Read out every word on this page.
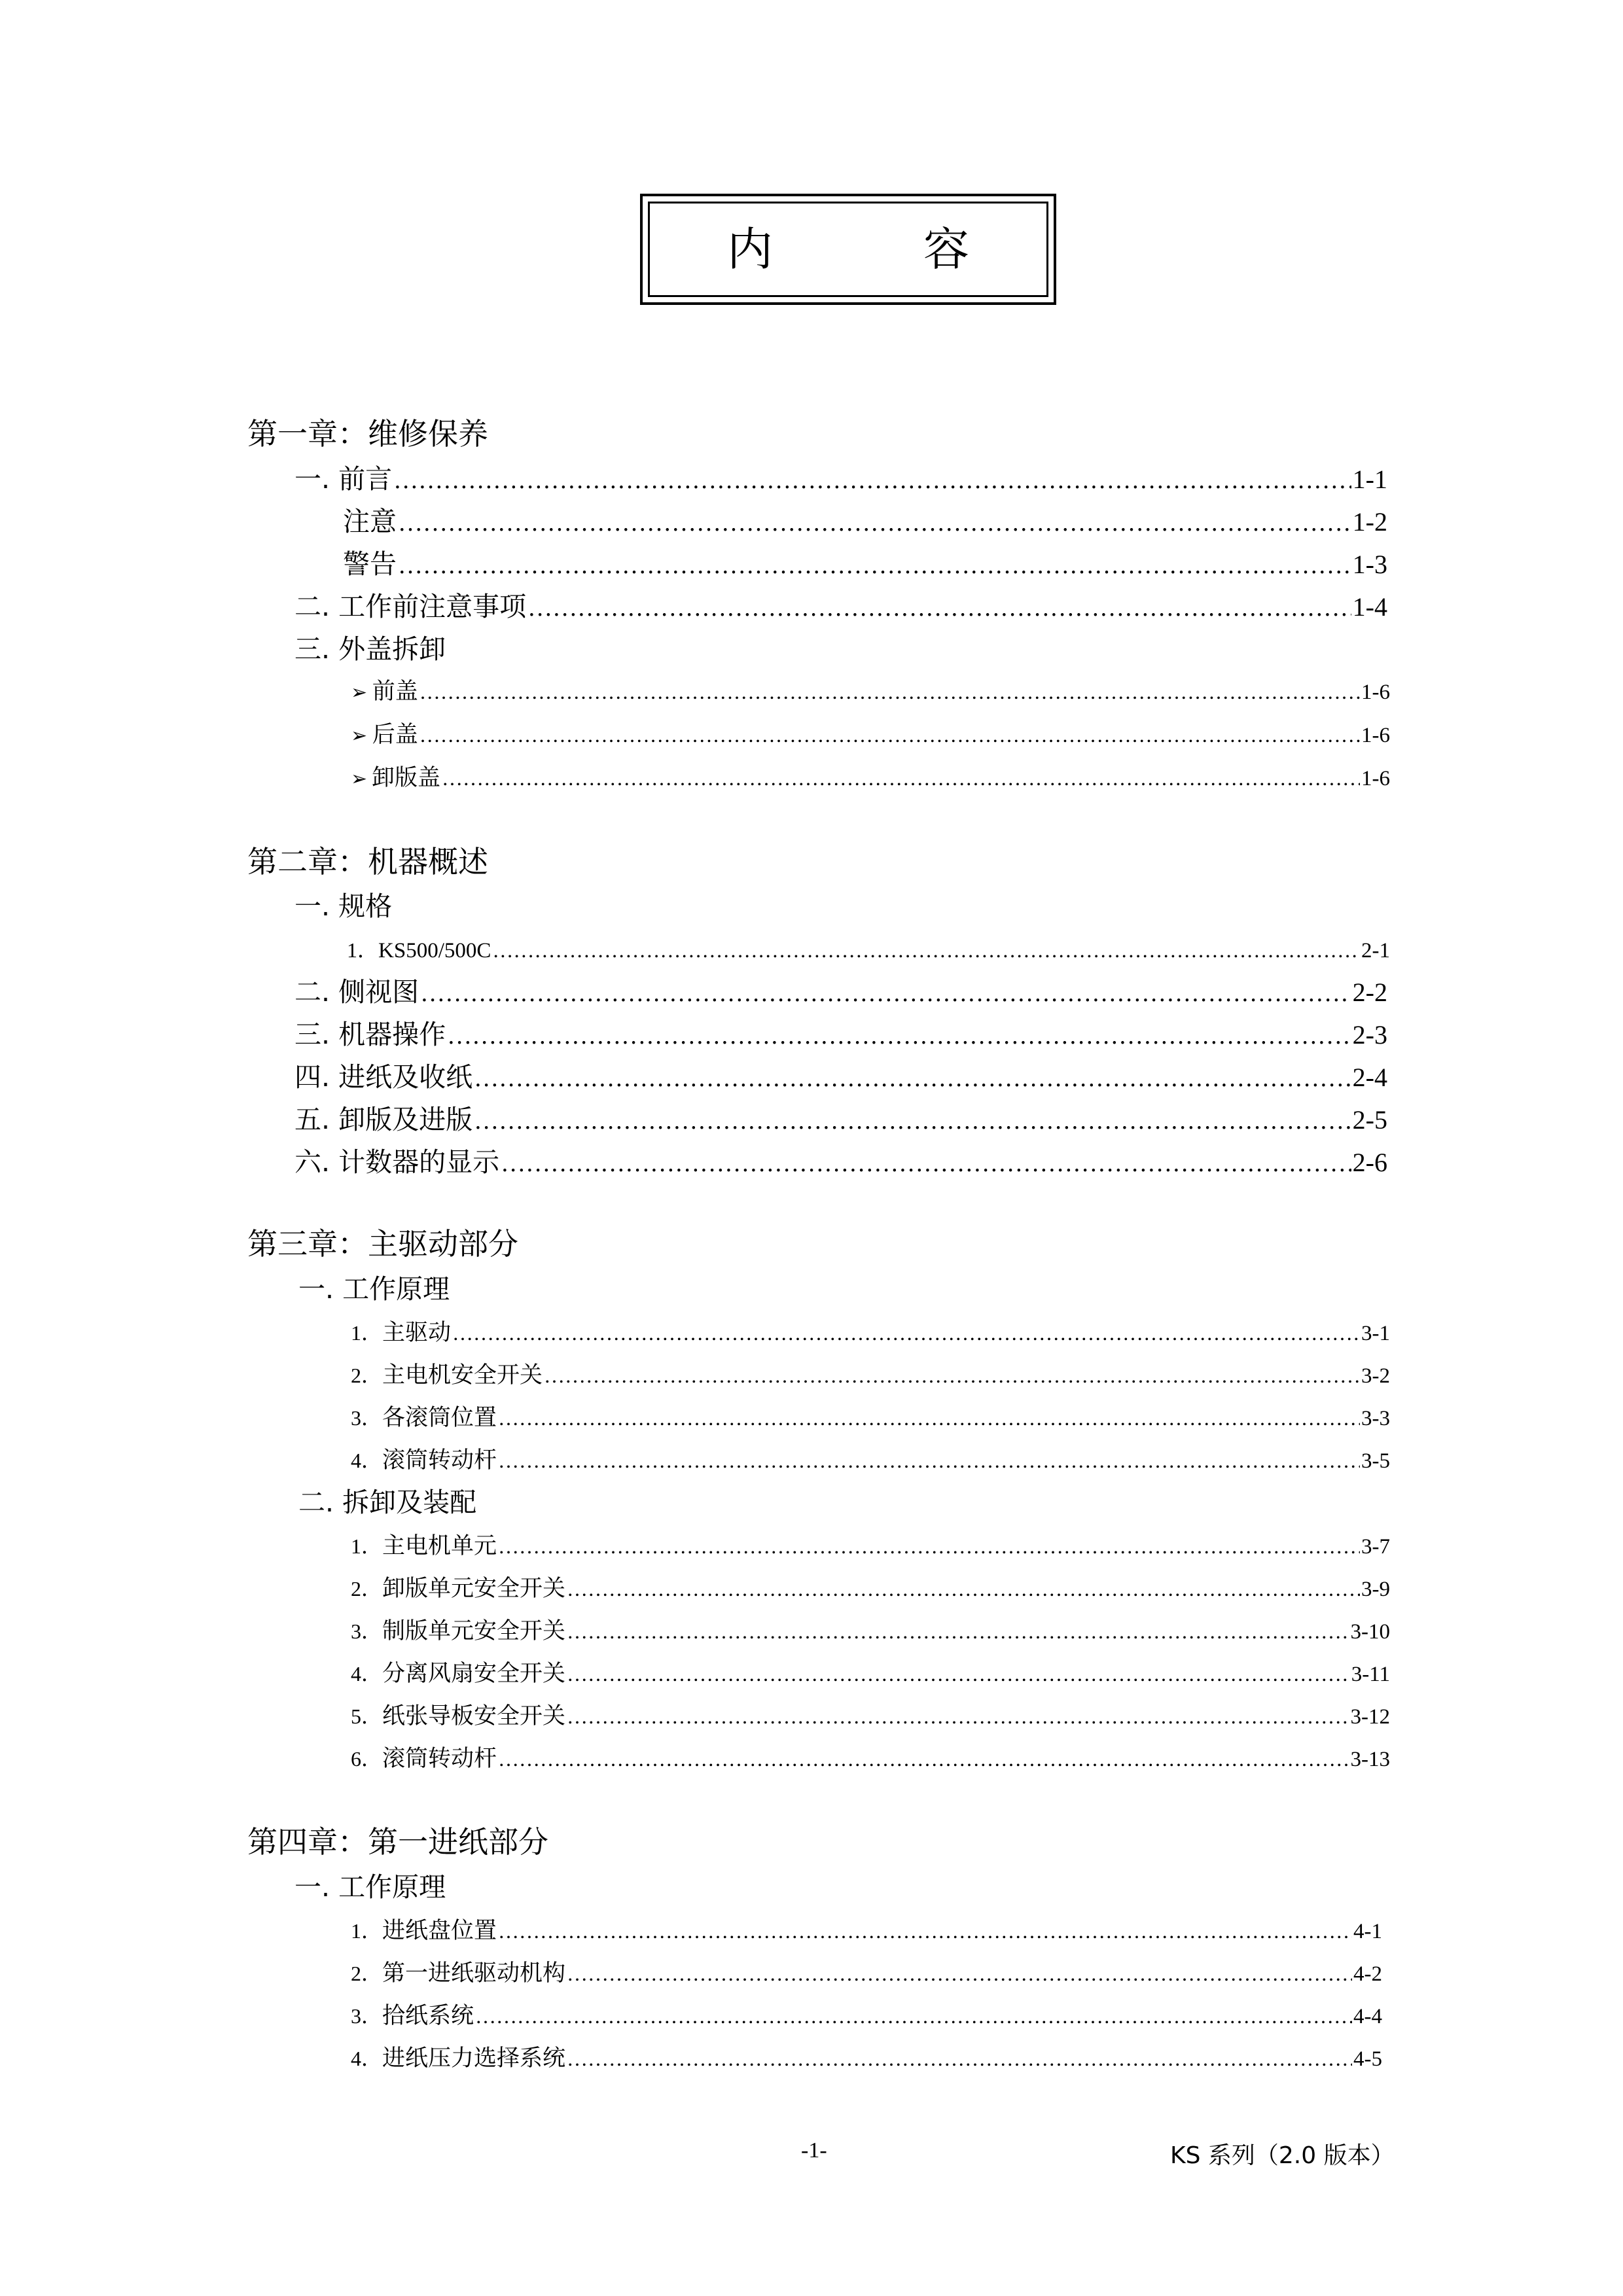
内	容
第一章：维修保养
一. 前言 …………………………………………………………………………………………………………………………………………………………………………………………………………………………………………………………………………………………………………………………	1-1
注意 …………………………………………………………………………………………………………………………………………………………………………………………………………………………………………………………………………………………………………………………	1-2
警告 …………………………………………………………………………………………………………………………………………………………………………………………………………………………………………………………………………………………………………………………	1-3
二. 工作前注意事项 …………………………………………………………………………………………………………………………………………………………………………………………………………………………………………………………………………………………………………………………	1-4
三. 外盖拆卸
➢ 前盖 …………………………………………………………………………………………………………………………………………………………………………………………………………………………………………………………………………………………………………………………	1-6
➢ 后盖 …………………………………………………………………………………………………………………………………………………………………………………………………………………………………………………………………………………………………………………………	1-6
➢ 卸版盖 …………………………………………………………………………………………………………………………………………………………………………………………………………………………………………………………………………………………………………………………	1-6
第二章：机器概述
一. 规格
1． KS500/500C …………………………………………………………………………………………………………………………………………………………………………………………………………………………………………………………………………………………………………………………	2-1
二. 侧视图 …………………………………………………………………………………………………………………………………………………………………………………………………………………………………………………………………………………………………………………………	2-2
三. 机器操作 …………………………………………………………………………………………………………………………………………………………………………………………………………………………………………………………………………………………………………………………	2-3
四. 进纸及收纸 …………………………………………………………………………………………………………………………………………………………………………………………………………………………………………………………………………………………………………………………	2-4
五. 卸版及进版 …………………………………………………………………………………………………………………………………………………………………………………………………………………………………………………………………………………………………………………………	2-5
六. 计数器的显示 …………………………………………………………………………………………………………………………………………………………………………………………………………………………………………………………………………………………………………………………	2-6
第三章：主驱动部分
一. 工作原理
1． 主驱动 …………………………………………………………………………………………………………………………………………………………………………………………………………………………………………………………………………………………………………………………	3-1
2． 主电机安全开关 …………………………………………………………………………………………………………………………………………………………………………………………………………………………………………………………………………………………………………………………	3-2
3． 各滚筒位置 …………………………………………………………………………………………………………………………………………………………………………………………………………………………………………………………………………………………………………………………	3-3
4． 滚筒转动杆 …………………………………………………………………………………………………………………………………………………………………………………………………………………………………………………………………………………………………………………………	3-5
二. 拆卸及装配
1． 主电机单元 …………………………………………………………………………………………………………………………………………………………………………………………………………………………………………………………………………………………………………………………	3-7
2． 卸版单元安全开关 …………………………………………………………………………………………………………………………………………………………………………………………………………………………………………………………………………………………………………………………	3-9
3． 制版单元安全开关 …………………………………………………………………………………………………………………………………………………………………………………………………………………………………………………………………………………………………………………………	3-10
4． 分离风扇安全开关 …………………………………………………………………………………………………………………………………………………………………………………………………………………………………………………………………………………………………………………………	3-11
5． 纸张导板安全开关 …………………………………………………………………………………………………………………………………………………………………………………………………………………………………………………………………………………………………………………………	3-12
6． 滚筒转动杆 …………………………………………………………………………………………………………………………………………………………………………………………………………………………………………………………………………………………………………………………	3-13
第四章：第一进纸部分
一. 工作原理
1． 进纸盘位置 …………………………………………………………………………………………………………………………………………………………………………………………………………………………………………………………………………………………………………………………	4-1
2． 第一进纸驱动机构 …………………………………………………………………………………………………………………………………………………………………………………………………………………………………………………………………………………………………………………………	4-2
3． 拾纸系统 …………………………………………………………………………………………………………………………………………………………………………………………………………………………………………………………………………………………………………………………	4-4
4． 进纸压力选择系统 …………………………………………………………………………………………………………………………………………………………………………………………………………………………………………………………………………………………………………………………	4-5
-1-	KS 系列（2.0 版本）
